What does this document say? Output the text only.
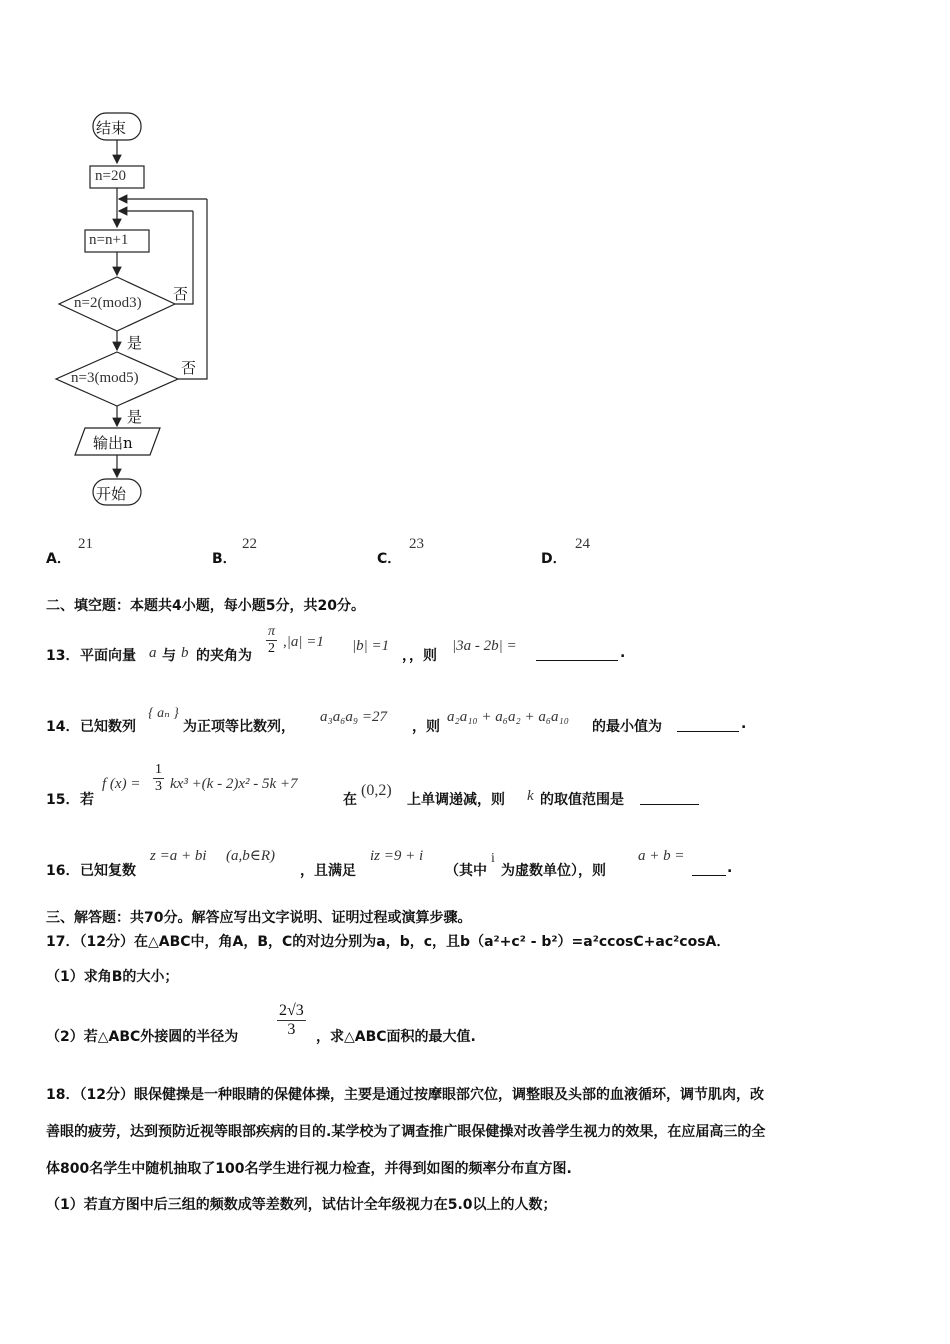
结束
n=20
n=n+1
n=2(mod3)
n=3(mod5)
否
否
是
是
输出n
开始
A．
21
B．
22
C．
23
D．
24
二、填空题：本题共4小题，每小题5分，共20分。
13． 平面向量 a 与 b 的夹角为 $\frac{\pi}{2} ,|a| =1$ |b| =1
，，则
|3a - 2b| =	.
14． 已知数列
{ aₙ }
为正项等比数列，
a₃a₆a₉ =27
，则
a₂a₁₀ + a₆a₂ + a₆a₁₀
的最小值为	.
15． 若
f $(x) = \frac{1}{3} kx^3 +(k - 2)x^2 - 5k +7$
在
(0,2)
上单调递减，则 k 的取值范围是
16． 已知复数
z =a + bi (a,b∈R)
，且满足
iz =9 + i
（其中
i
为虚数单位），则
a + b =
.
三、解答题：共70分。解答应写出文字说明、证明过程或演算步骤。
17．（12分）在△ABC中，角A，B，C的对边分别为a，b，c，且b（a²+c² - b²）=a²ccosC+ac²cosA．
（1）求角B的大小；
（2）若△ABC外接圆的半径为 $\frac{2√3}{3}$ ，求△ABC面积的最大值.
18．（12分）眼保健操是一种眼睛的保健体操，主要是通过按摩眼部穴位，调整眼及头部的血液循环，调节肌肉，改
善眼的疲劳，达到预防近视等眼部疾病的目的.某学校为了调查推广眼保健操对改善学生视力的效果，在应届高三的全
体800名学生中随机抽取了100名学生进行视力检查，并得到如图的频率分布直方图.
（1）若直方图中后三组的频数成等差数列，试估计全年级视力在5.0以上的人数；
